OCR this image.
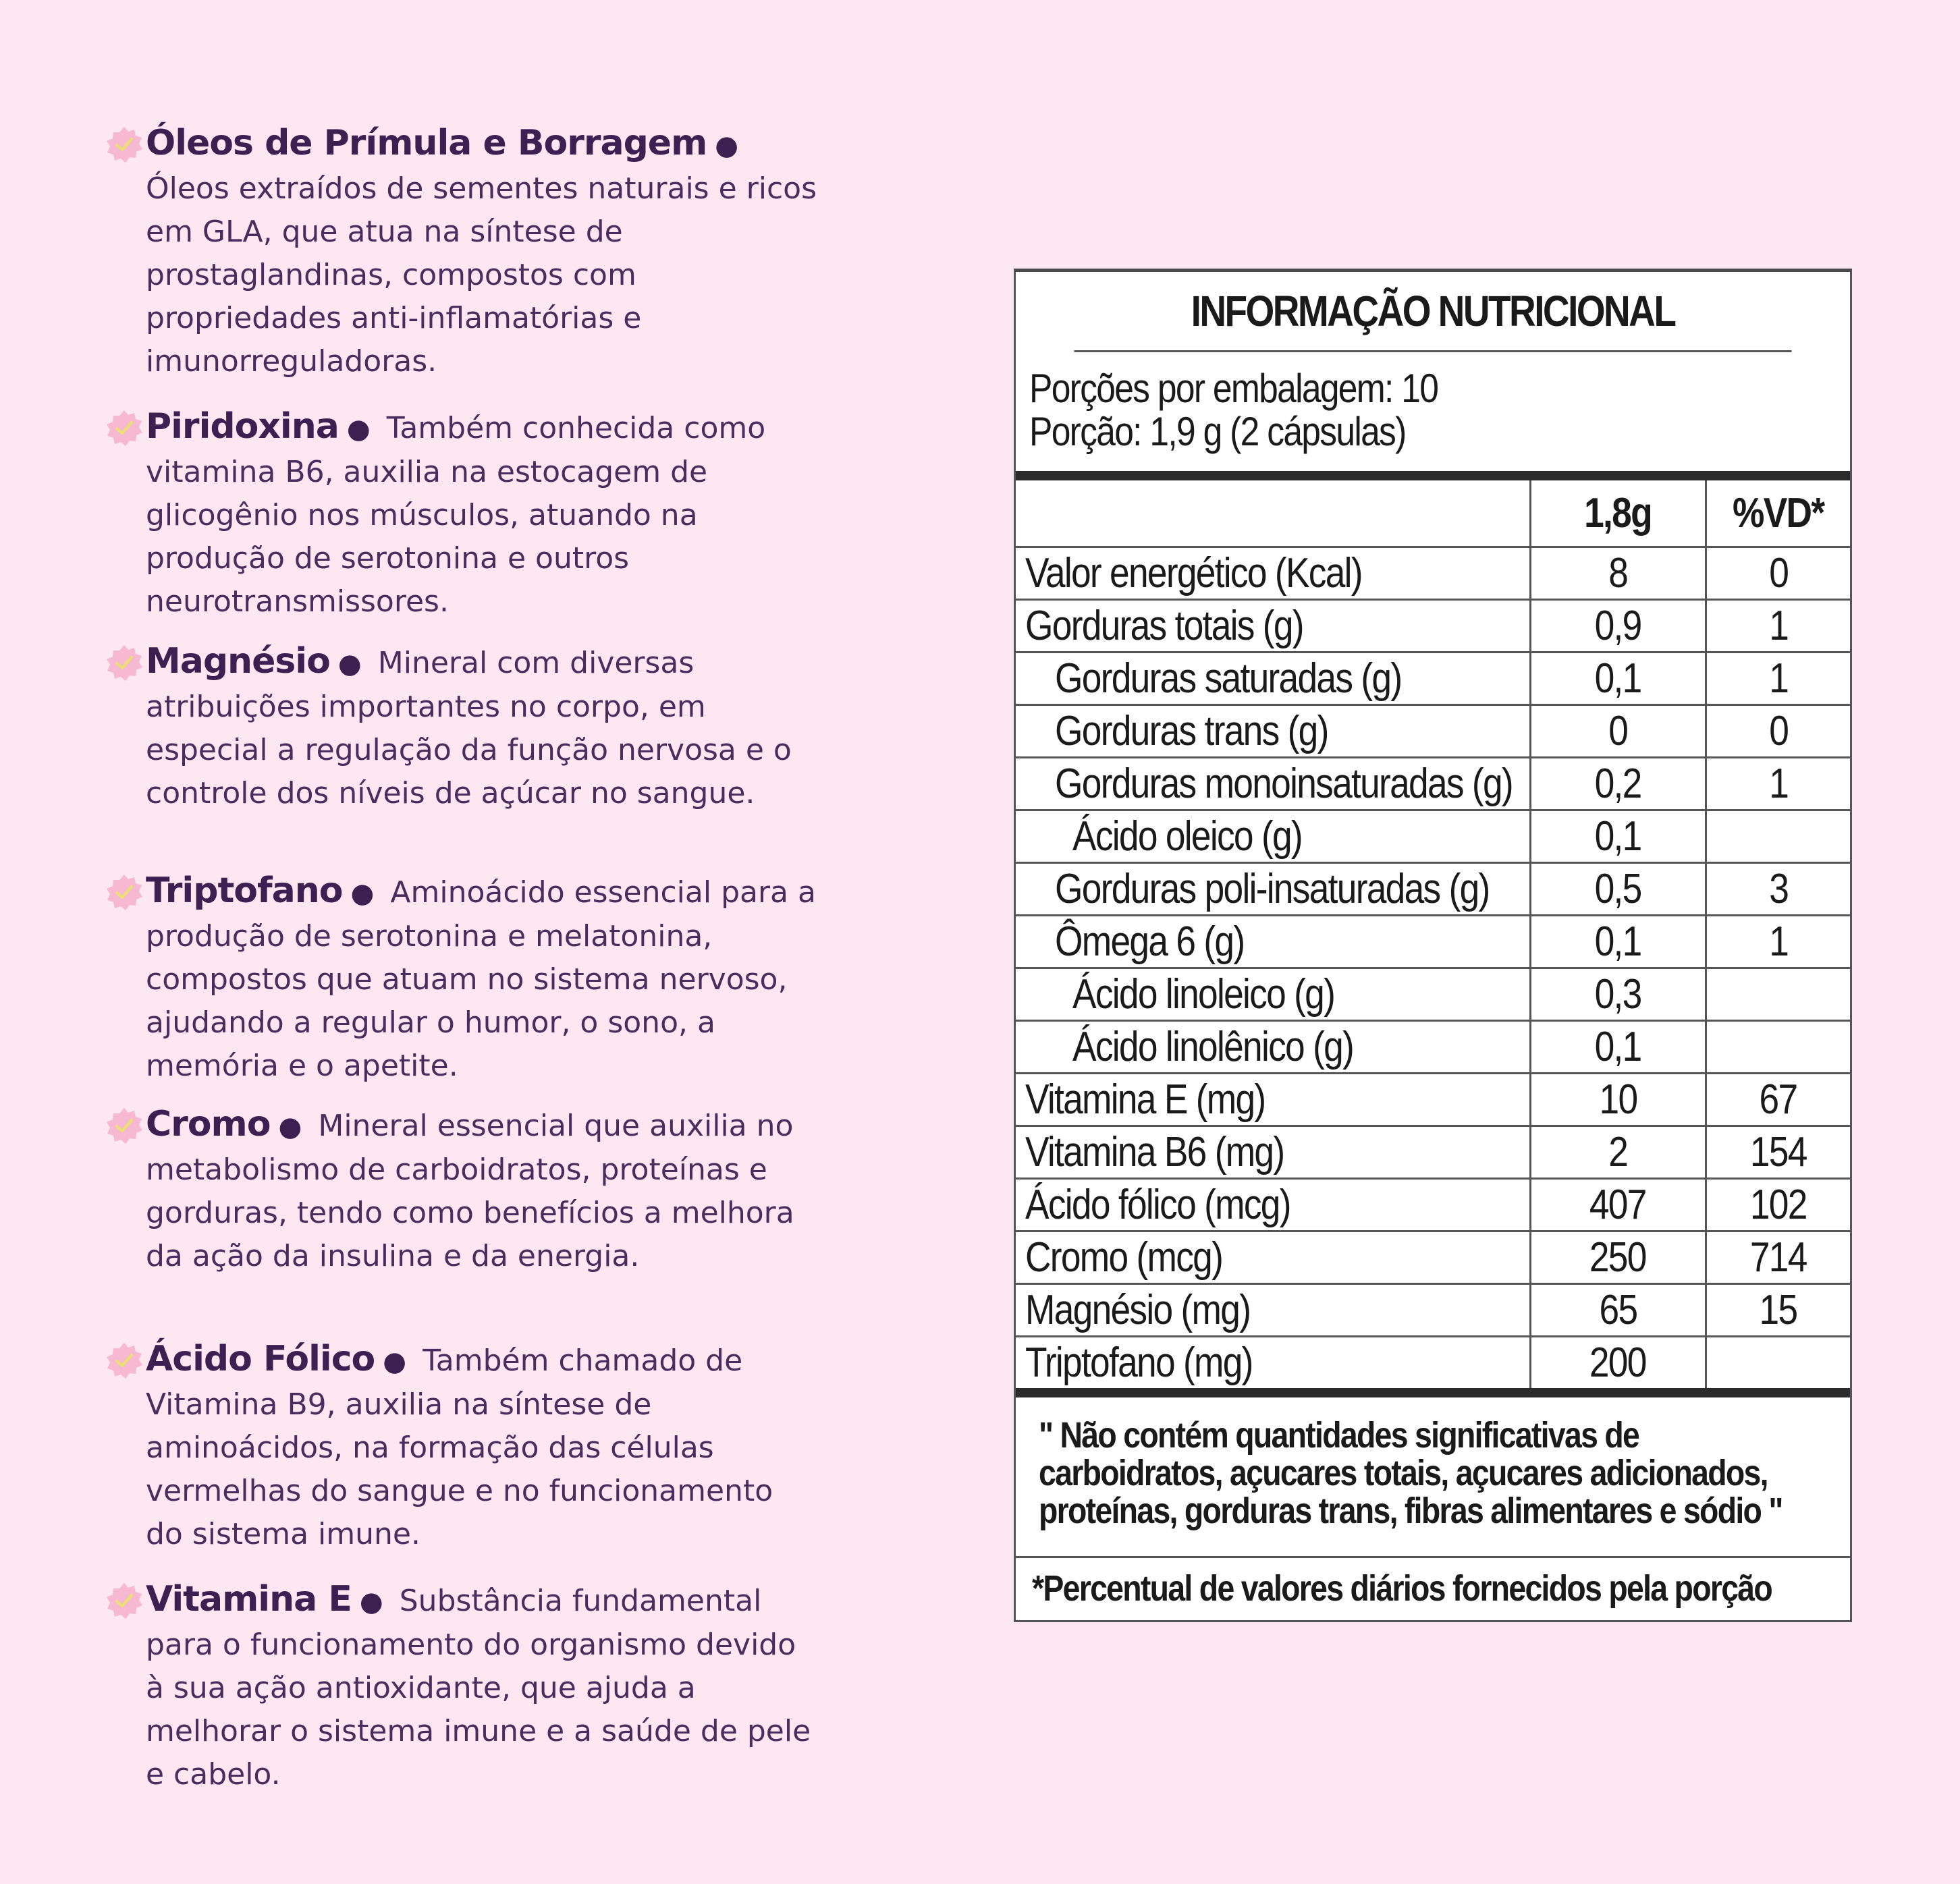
Óleos de Prímula e Borragem ●
Óleos extraídos de sementes naturais e ricos em GLA, que atua na síntese de prostaglandinas, compostos com propriedades anti-inflamatórias e imunorreguladoras.
Piridoxina ● Também conhecida como vitamina B6, auxilia na estocagem de glicogênio nos músculos, atuando na produção de serotonina e outros neurotransmissores.
Magnésio ● Mineral com diversas atribuições importantes no corpo, em especial a regulação da função nervosa e o controle dos níveis de açúcar no sangue.
Triptofano ● Aminoácido essencial para a produção de serotonina e melatonina, compostos que atuam no sistema nervoso, ajudando a regular o humor, o sono, a memória e o apetite.
Cromo ● Mineral essencial que auxilia no metabolismo de carboidratos, proteínas e gorduras, tendo como benefícios a melhora da ação da insulina e da energia.
Ácido Fólico ● Também chamado de Vitamina B9, auxilia na síntese de aminoácidos, na formação das células vermelhas do sangue e no funcionamento do sistema imune.
Vitamina E ● Substância fundamental para o funcionamento do organismo devido à sua ação antioxidante, que ajuda a melhorar o sistema imune e a saúde de pele e cabelo.
INFORMAÇÃO NUTRICIONAL
Porções por embalagem: 10
Porção: 1,9 g (2 cápsulas)
	1,8g	%VD*
Valor energético (Kcal)	8	0
Gorduras totais (g)	0,9	1
Gorduras saturadas (g)	0,1	1
Gorduras trans (g)	0	0
Gorduras monoinsaturadas (g)	0,2	1
Ácido oleico (g)	0,1	
Gorduras poli-insaturadas (g)	0,5	3
Ômega 6 (g)	0,1	1
Ácido linoleico (g)	0,3	
Ácido linolênico (g)	0,1	
Vitamina E (mg)	10	67
Vitamina B6 (mg)	2	154
Ácido fólico (mcg)	407	102
Cromo (mcg)	250	714
Magnésio (mg)	65	15
Triptofano (mg)	200	
" Não contém quantidades significativas de carboidratos, açucares totais, açucares adicionados, proteínas, gorduras trans, fibras alimentares e sódio "
*Percentual de valores diários fornecidos pela porção
